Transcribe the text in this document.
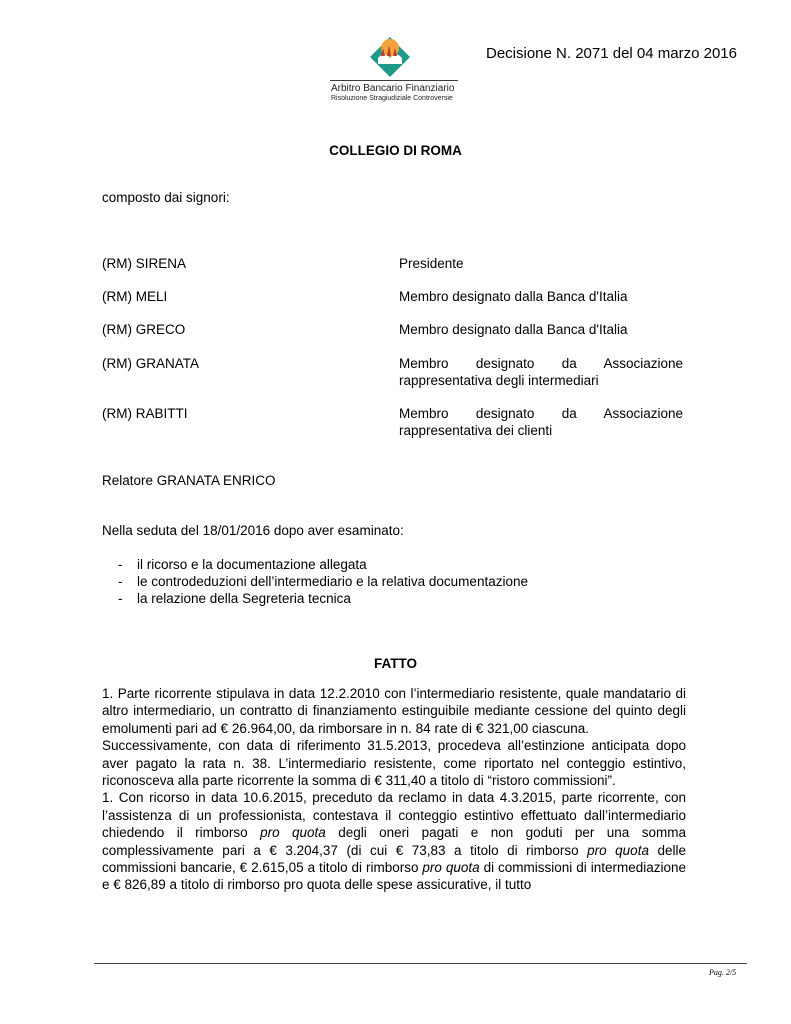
Arbitro Bancario Finanziario
Risoluzione Stragiudiziale Controversie
Decisione N. 2071 del 04 marzo 2016
COLLEGIO DI ROMA
composto dai signori:
(RM) SIRENA	Presidente
(RM) MELI	Membro designato dalla Banca d'Italia
(RM) GRECO	Membro designato dalla Banca d'Italia
(RM) GRANATA	Membro designato da Associazione rappresentativa degli intermediari
(RM) RABITTI	Membro designato da Associazione rappresentativa dei clienti
Relatore GRANATA ENRICO
Nella seduta del 18/01/2016 dopo aver esaminato:
- il ricorso e la documentazione allegata
- le controdeduzioni dell’intermediario e la relativa documentazione
- la relazione della Segreteria tecnica
FATTO

1. Parte ricorrente stipulava in data 12.2.2010 con l’intermediario resistente, quale mandatario di altro intermediario, un contratto di finanziamento estinguibile mediante cessione del quinto degli emolumenti pari ad € 26.964,00, da rimborsare in n. 84 rate di € 321,00 ciascuna.

Successivamente, con data di riferimento 31.5.2013, procedeva all’estinzione anticipata dopo aver pagato la rata n. 38. L’intermediario resistente, come riportato nel conteggio estintivo, riconosceva alla parte ricorrente la somma di € 311,40 a titolo di “ristoro commissioni”.

1. Con ricorso in data 10.6.2015, preceduto da reclamo in data 4.3.2015, parte ricorrente, con l’assistenza di un professionista, contestava il conteggio estintivo effettuato dall’intermediario chiedendo il rimborso pro quota degli oneri pagati e non goduti per una somma complessivamente pari a € 3.204,37 (di cui € 73,83 a titolo di rimborso pro quota delle commissioni bancarie, € 2.615,05 a titolo di rimborso pro quota di commissioni di intermediazione e € 826,89 a titolo di rimborso pro quota delle spese assicurative, il tutto

Pag. 2/5
